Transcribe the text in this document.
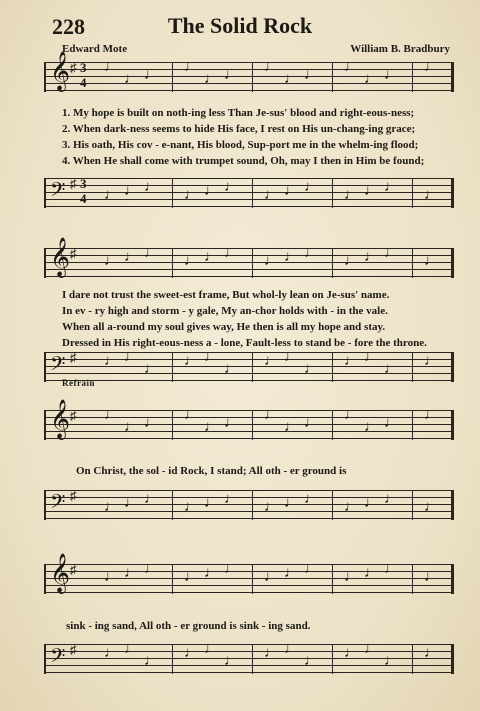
228	The Solid Rock
Edward Mote	William B. Bradbury
𝄞 ♯ 3
4
♩
♩ ♩ ♩
♩ ♩ ♩
♩ ♩ ♩
♩ ♩ ♩
1. My hope is built on noth-ing less Than Je-sus' blood and right-eous-ness;
2. When dark-ness seems to hide His face, I rest on His un-chang-ing grace;
3. His oath, His cov - e-nant, His blood, Sup-port me in the whelm-ing flood;
4. When He shall come with trumpet sound, Oh, may I then in Him be found;
𝄢 ♯ 3
4 ♩ ♩ ♩ ♩ ♩ ♩ ♩ ♩ ♩ ♩ ♩ ♩ ♩
𝄞 ♯ ♩ ♩ ♩ ♩ ♩ ♩ ♩ ♩ ♩ ♩ ♩ ♩ ♩
I dare not trust the sweet-est frame, But whol-ly lean on Je-sus' name.
In ev - ry high and storm - y gale, My an-chor holds with - in the vale.
When all a-round my soul gives way, He then is all my hope and stay.
Dressed in His right-eous-ness a - lone, Fault-less to stand be - fore the throne.
𝄢 ♯ ♩ ♩
♩ ♩ ♩
♩ ♩ ♩
♩ ♩ ♩
♩ ♩
Refrain
𝄞 ♯ ♩
♩ ♩ ♩
♩ ♩ ♩
♩ ♩ ♩
♩ ♩ ♩
On Christ, the sol - id Rock, I stand; All oth - er ground is
𝄢 ♯
♩ ♩ ♩ ♩ ♩ ♩ ♩ ♩ ♩ ♩ ♩ ♩ ♩
𝄞 ♯ ♩ ♩ ♩ ♩ ♩ ♩ ♩ ♩ ♩ ♩ ♩ ♩ ♩
sink - ing sand, All oth - er ground is sink - ing sand.
𝄢 ♯ ♩ ♩
♩ ♩ ♩
♩ ♩ ♩
♩ ♩ ♩
♩ ♩
